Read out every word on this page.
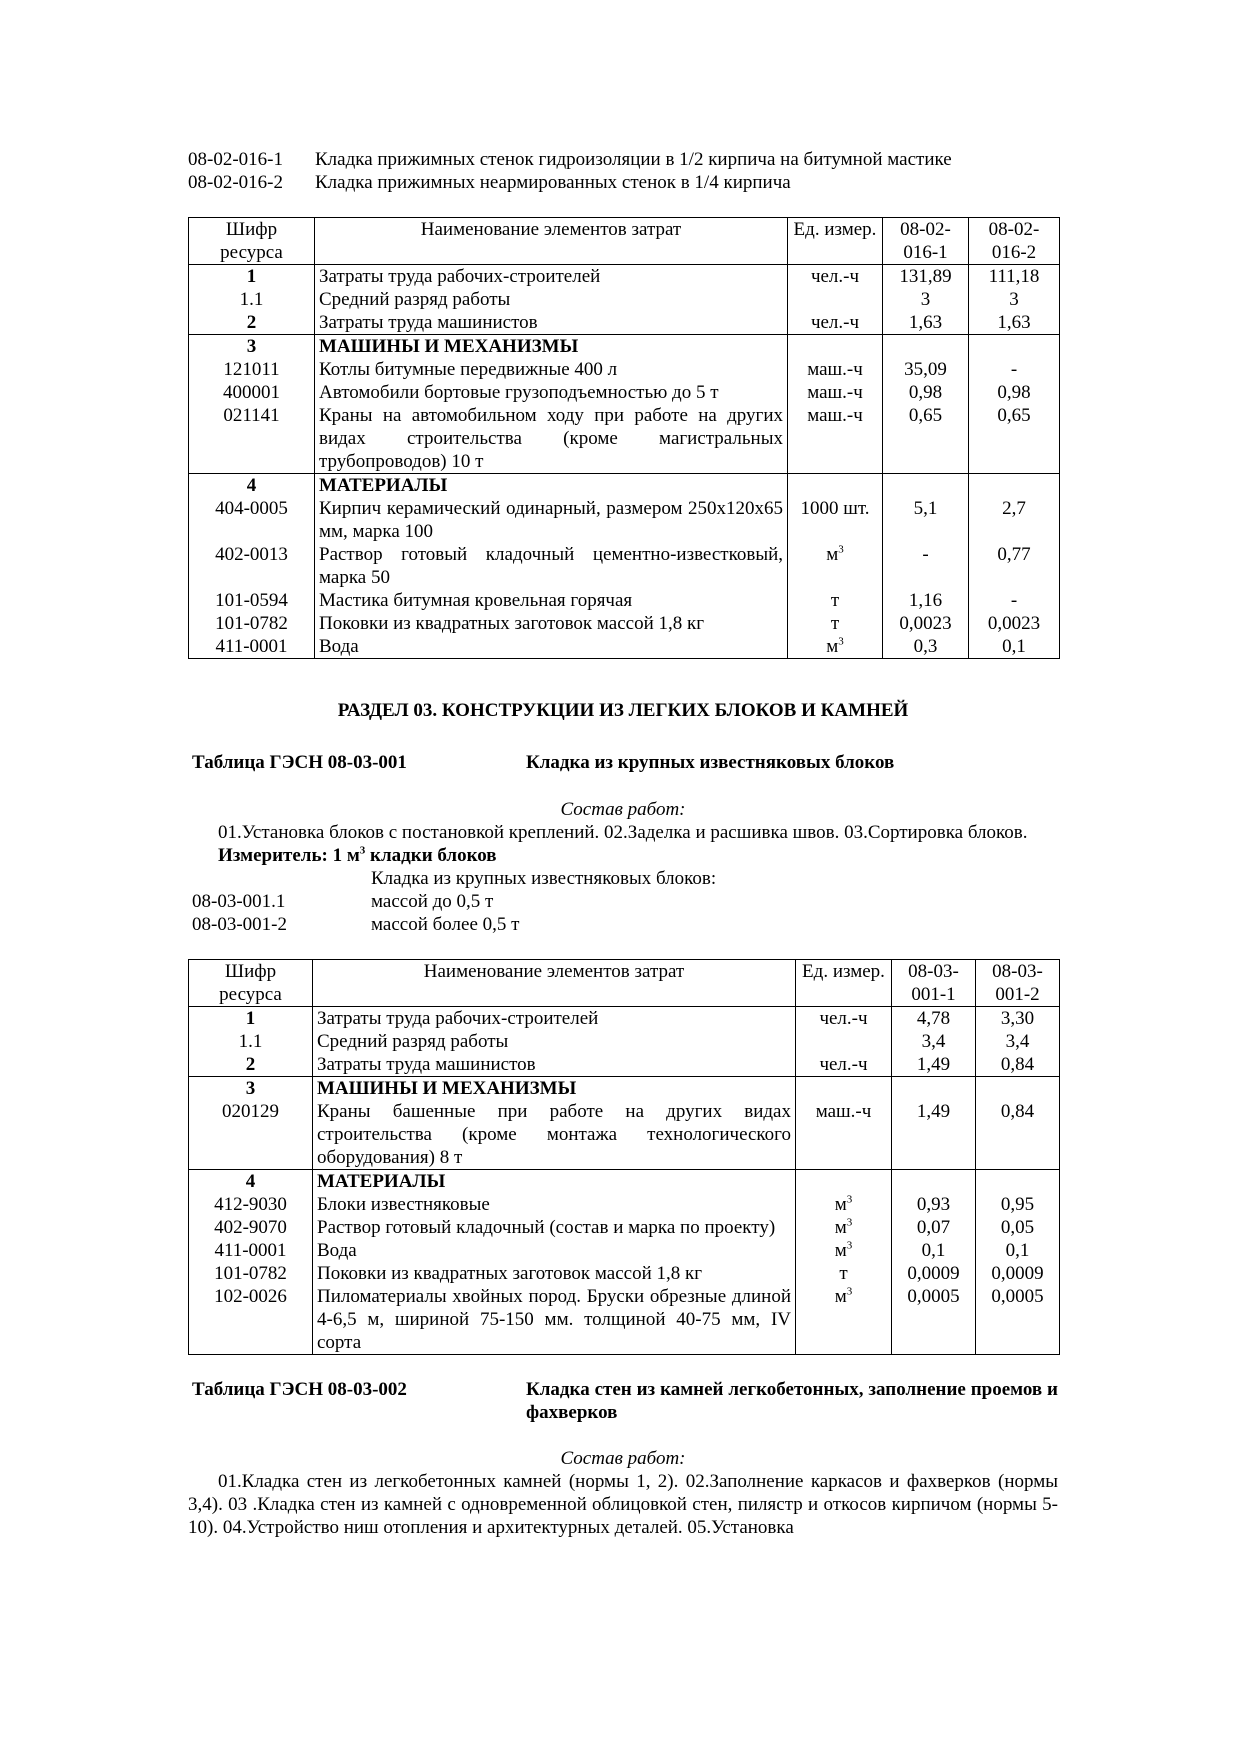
08-02-016-1	Кладка прижимных стенок гидроизоляции в 1/2 кирпича на битумной мастике
08-02-016-2	Кладка прижимных неармированных стенок в 1/4 кирпича
Шифр ресурса	Наименование элементов затрат	Ед. измер.	08-02-016-1	08-02-016-2
1	Затраты труда рабочих-строителей	чел.-ч	131,89	111,18
1.1	Средний разряд работы		3	3
2	Затраты труда машинистов	чел.-ч	1,63	1,63
3	МАШИНЫ И МЕХАНИЗМЫ			
121011	Котлы битумные передвижные 400 л	маш.-ч	35,09	-
400001	Автомобили бортовые грузоподъемностью до 5 т	маш.-ч	0,98	0,98
021141	Краны на автомобильном ходу при работе на других видах строительства (кроме магистральных трубопроводов) 10 т	маш.-ч	0,65	0,65
4	МАТЕРИАЛЫ			
404-0005	Кирпич керамический одинарный, размером 250х120х65 мм, марка 100	1000 шт.	5,1	2,7
402-0013	Раствор готовый кладочный цементно-известковый, марка 50	$м^3$	-	0,77
101-0594	Мастика битумная кровельная горячая	т	1,16	-
101-0782	Поковки из квадратных заготовок массой 1,8 кг	т	0,0023	0,0023
411-0001	Вода	$м^3$	0,3	0,1
РАЗДЕЛ 03. КОНСТРУКЦИИ ИЗ ЛЕГКИХ БЛОКОВ И КАМНЕЙ
Таблица ГЭСН 08-03-001	Кладка из крупных известняковых блоков
Состав работ:
01.Установка блоков с постановкой креплений. 02.Заделка и расшивка швов. 03.Сортировка блоков.
Измеритель: 1 $м^3$ кладки блоков
Кладка из крупных известняковых блоков:
08-03-001.1	массой до 0,5 т
08-03-001-2	массой более 0,5 т
Шифр ресурса	Наименование элементов затрат	Ед. измер.	08-03-001-1	08-03-001-2
1	Затраты труда рабочих-строителей	чел.-ч	4,78	3,30
1.1	Средний разряд работы		3,4	3,4
2	Затраты труда машинистов	чел.-ч	1,49	0,84
3	МАШИНЫ И МЕХАНИЗМЫ			
020129	Краны башенные при работе на других видах строительства (кроме монтажа технологического оборудования) 8 т	маш.-ч	1,49	0,84
4	МАТЕРИАЛЫ			
412-9030	Блоки известняковые	$м^3$	0,93	0,95
402-9070	Раствор готовый кладочный (состав и марка по проекту)	$м^3$	0,07	0,05
411-0001	Вода	$м^3$	0,1	0,1
101-0782	Поковки из квадратных заготовок массой 1,8 кг	т	0,0009	0,0009
102-0026	Пиломатериалы хвойных пород. Бруски обрезные длиной 4-6,5 м, шириной 75-150 мм. толщиной 40-75 мм, IV сорта	$м^3$	0,0005	0,0005
Таблица ГЭСН 08-03-002	Кладка стен из камней легкобетонных, заполнение проемов и фахверков
Состав работ:
01.Кладка стен из легкобетонных камней (нормы 1, 2). 02.Заполнение каркасов и фахверков (нормы 3,4). 03 .Кладка стен из камней с одновременной облицовкой стен, пилястр и откосов кирпичом (нормы 5-10). 04.Устройство ниш отопления и архитектурных деталей. 05.Установка
